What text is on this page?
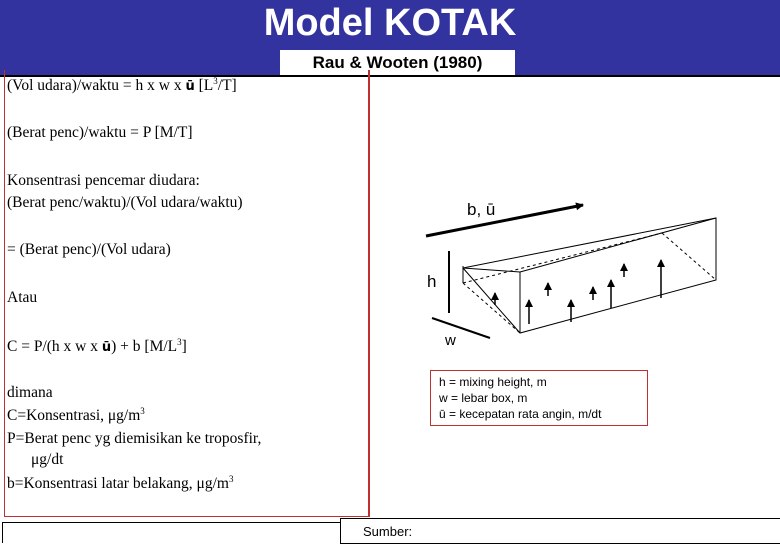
Model KOTAK
Rau & Wooten (1980)
(Vol udara)/waktu = h x w x ū $[L^3/T]$
(Berat penc)/waktu = P [M/T]
Konsentrasi pencemar diudara:
(Berat penc/waktu)/(Vol udara/waktu)
= (Berat penc)/(Vol udara)
Atau
C = P/(h x w x ū) + b $[M/L^3]$
dimana
C=Konsentrasi, $\mu g/m^3$
P=Berat penc yg diemisikan ke troposfir,
μg/dt
b=Konsentrasi latar belakang, $\mu g/m^3$
b, ū
h
w
h = mixing height, m
w = lebar box, m
ū = kecepatan rata angin, m/dt
Sumber:
